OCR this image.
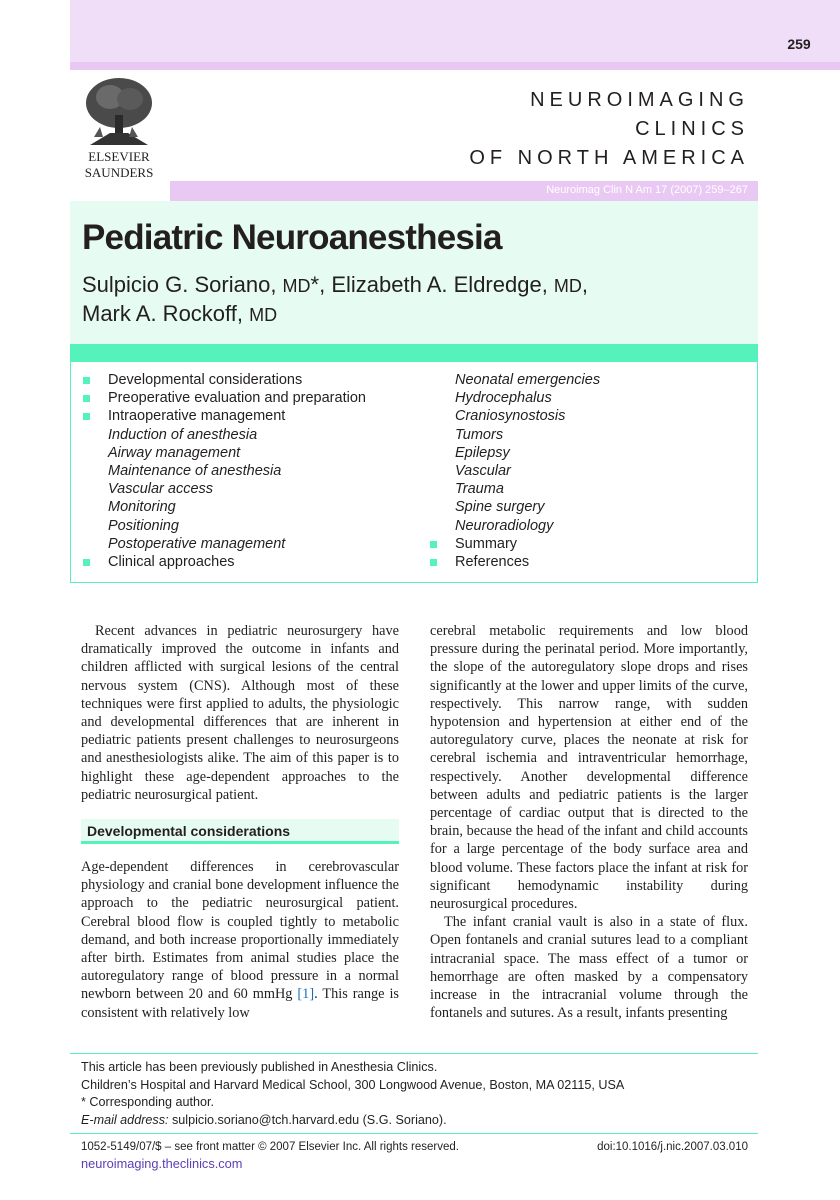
259
ELSEVIER
SAUNDERS
NEUROIMAGING
CLINICS
OF NORTH AMERICA
Neuroimag Clin N Am 17 (2007) 259–267
Pediatric Neuroanesthesia
Sulpicio G. Soriano, MD*, Elizabeth A. Eldredge, MD,
Mark A. Rockoff, MD
Developmental considerations
Preoperative evaluation and preparation
Intraoperative management
Induction of anesthesia
Airway management
Maintenance of anesthesia
Vascular access
Monitoring
Positioning
Postoperative management
Clinical approaches
Neonatal emergencies
Hydrocephalus
Craniosynostosis
Tumors
Epilepsy
Vascular
Trauma
Spine surgery
Neuroradiology
Summary
References

Recent advances in pediatric neurosurgery have dramatically improved the outcome in infants and children afflicted with surgical lesions of the central nervous system (CNS). Although most of these techniques were first applied to adults, the physiologic and developmental differences that are inherent in pediatric patients present challenges to neurosurgeons and anesthesiologists alike. The aim of this paper is to highlight these age-dependent approaches to the pediatric neurosurgical patient.

Developmental considerations

Age-dependent differences in cerebrovascular physiology and cranial bone development influence the approach to the pediatric neurosurgical patient. Cerebral blood flow is coupled tightly to metabolic demand, and both increase proportionally immediately after birth. Estimates from animal studies place the autoregulatory range of blood pressure in a normal newborn between 20 and 60 mmHg [1]. This range is consistent with relatively low

cerebral metabolic requirements and low blood pressure during the perinatal period. More importantly, the slope of the autoregulatory slope drops and rises significantly at the lower and upper limits of the curve, respectively. This narrow range, with sudden hypotension and hypertension at either end of the autoregulatory curve, places the neonate at risk for cerebral ischemia and intraventricular hemorrhage, respectively. Another developmental difference between adults and pediatric patients is the larger percentage of cardiac output that is directed to the brain, because the head of the infant and child accounts for a large percentage of the body surface area and blood volume. These factors place the infant at risk for significant hemodynamic instability during neurosurgical procedures.

The infant cranial vault is also in a state of flux. Open fontanels and cranial sutures lead to a compliant intracranial space. The mass effect of a tumor or hemorrhage are often masked by a compensatory increase in the intracranial volume through the fontanels and sutures. As a result, infants presenting

This article has been previously published in Anesthesia Clinics.
Children’s Hospital and Harvard Medical School, 300 Longwood Avenue, Boston, MA 02115, USA
* Corresponding author.
E-mail address: sulpicio.soriano@tch.harvard.edu (S.G. Soriano).
1052-5149/07/$ – see front matter © 2007 Elsevier Inc. All rights reserved.	doi:10.1016/j.nic.2007.03.010
neuroimaging.theclinics.com
